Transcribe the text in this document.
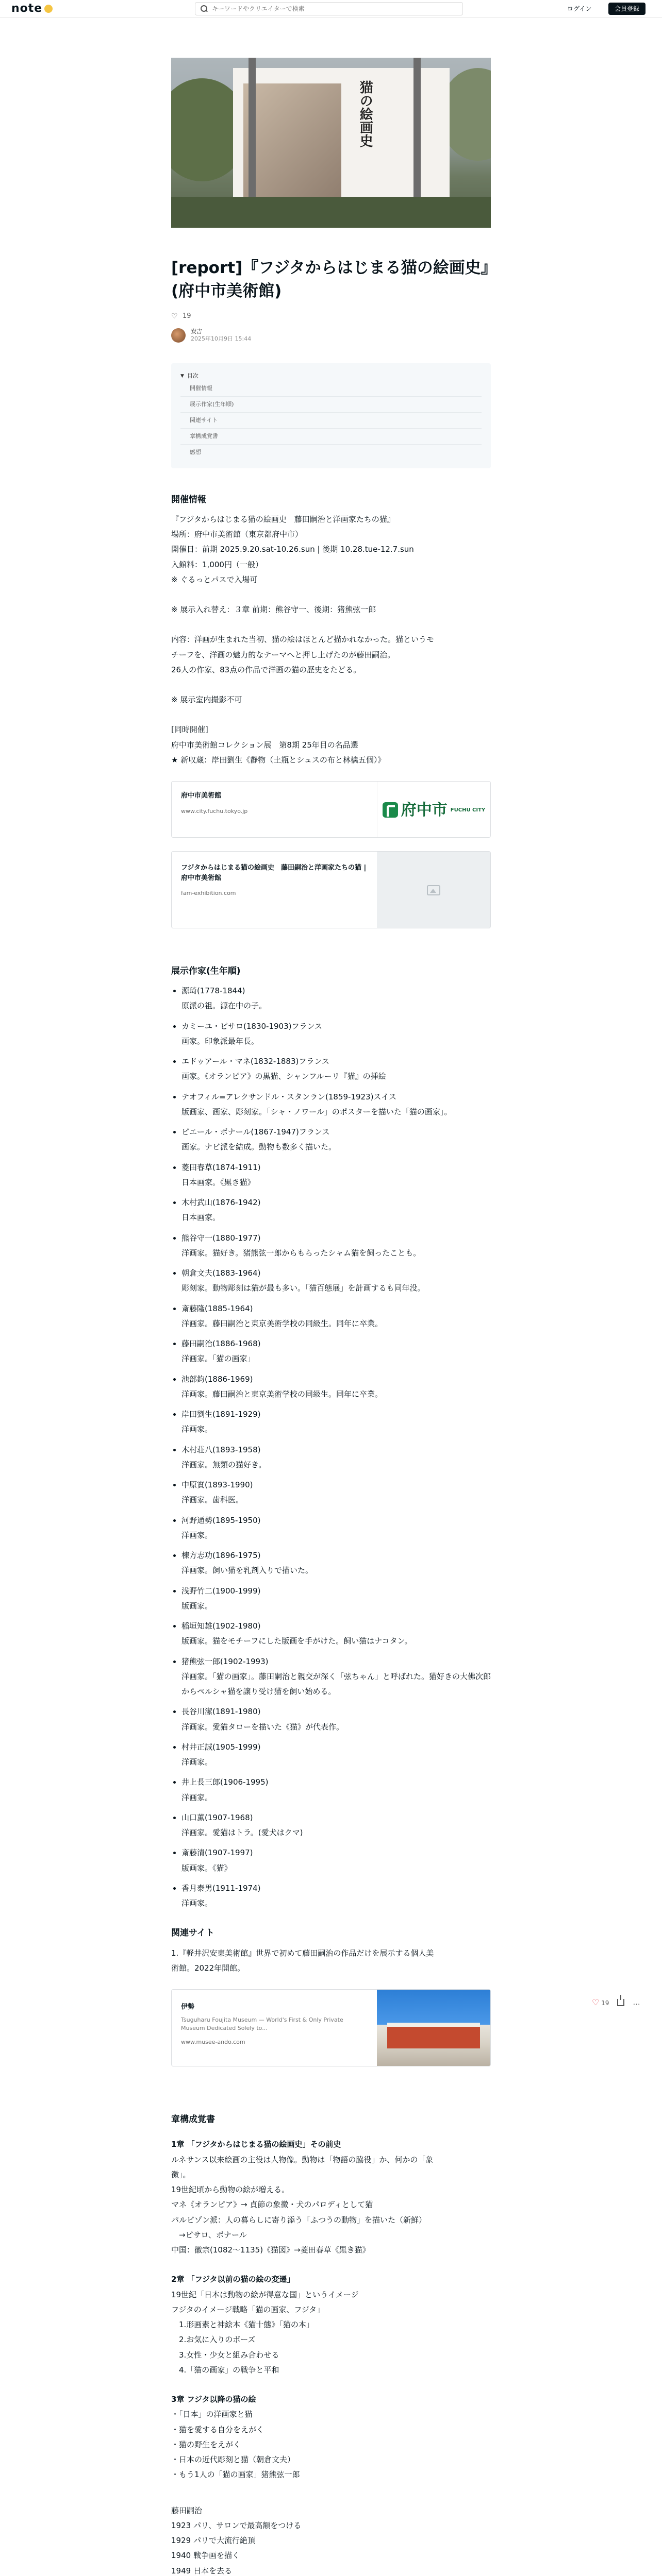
note
キーワードやクリエイターで検索	ログイン	会員登録
猫の絵画史
[report]『フジタからはじまる猫の絵画史』(府中市美術館)
♡ 19
炭吉
2025年10月9日 15:44
▼ 目次
開催情報
展示作家(生年順)
関連サイト
章構成覚書
感想
開催情報

『フジタからはじまる猫の絵画史　藤田嗣治と洋画家たちの猫』

場所：府中市美術館（東京都府中市）

開催日：前期 2025.9.20.sat-10.26.sun | 後期 10.28.tue-12.7.sun

入館料：1,000円（一般）

※ ぐるっとパスで入場可

※ 展示入れ替え：３章 前期：熊谷守一、後期：猪熊弦一郎

内容：洋画が生まれた当初、猫の絵はほとんど描かれなかった。猫というモ

チーフを、洋画の魅力的なテーマへと押し上げたのが藤田嗣治。

26人の作家、83点の作品で洋画の猫の歴史をたどる。

※ 展示室内撮影不可

[同時開催]

府中市美術館コレクション展　第8期 25年目の名品選

★ 新収蔵：岸田劉生《静物（土瓶とシュスの布と林檎五個）》

府中市美術館
www.city.fuchu.tokyo.jp	府中市 FUCHU CITY
フジタからはじまる猫の絵画史　藤田嗣治と洋画家たちの猫 | 府中市美術館
fam-exhibition.com
展示作家(生年順)
源琦(1778-1844)
原派の祖。源在中の子。
カミーユ・ピサロ(1830-1903)フランス
画家。印象派最年長。
エドゥアール・マネ(1832-1883)フランス
画家。《オランピア》の黒猫、シャンフルーリ『猫』の挿絵
テオフィル=アレクサンドル・スタンラン(1859-1923)スイス
版画家、画家、彫刻家。「シャ・ノワール」のポスターを描いた「猫の画家」。
ピエール・ボナール(1867-1947)フランス
画家。ナビ派を結成。動物も数多く描いた。
菱田春草(1874-1911)
日本画家。《黒き猫》
木村武山(1876-1942)
日本画家。
熊谷守一(1880-1977)
洋画家。猫好き。猪熊弦一郎からもらったシャム猫を飼ったことも。
朝倉文夫(1883-1964)
彫刻家。動物彫刻は猫が最も多い。「猫百態展」を計画するも同年没。
斎藤隆(1885-1964)
洋画家。藤田嗣治と東京美術学校の同級生。同年に卒業。
藤田嗣治(1886-1968)
洋画家。「猫の画家」
池部鈞(1886-1969)
洋画家。藤田嗣治と東京美術学校の同級生。同年に卒業。
岸田劉生(1891-1929)
洋画家。
木村荘八(1893-1958)
洋画家。無類の猫好き。
中原實(1893-1990)
洋画家。歯科医。
河野通勢(1895-1950)
洋画家。
棟方志功(1896-1975)
洋画家。飼い猫を乳剤入りで描いた。
浅野竹二(1900-1999)
版画家。
稲垣知雄(1902-1980)
版画家。猫をモチーフにした版画を手がけた。飼い猫はナコタン。
猪熊弦一郎(1902-1993)
洋画家。「猫の画家」。藤田嗣治と親交が深く「弦ちゃん」と呼ばれた。猫好きの大佛次郎からペルシャ猫を譲り受け猫を飼い始める。
長谷川潔(1891-1980)
洋画家。愛猫タローを描いた《猫》が代表作。
村井正誠(1905-1999)
洋画家。
井上長三郎(1906-1995)
洋画家。
山口薫(1907-1968)
洋画家。愛猫はトラ。(愛犬はクマ)
斎藤清(1907-1997)
版画家。《猫》
香月泰男(1911-1974)
洋画家。
関連サイト

1.『軽井沢安東美術館』世界で初めて藤田嗣治の作品だけを展示する個人美

術館。2022年開館。

伊勢
Tsuguharu Foujita Museum — World's First & Only Private Museum Dedicated Solely to...
www.musee-ando.com
章構成覚書
1章 「フジタからはじまる猫の絵画史」その前史

ルネサンス以来絵画の主役は人物像。動物は「物語の脇役」か、何かの「象

徴」。

19世紀頃から動物の絵が増える。

マネ《オランピア》→ 貞節の象徴・犬のパロディとして猫

パルビゾン派：人の暮らしに寄り添う「ふつうの動物」を描いた（新鮮）

　→ピサロ、ボナール

中国：徽宗(1082〜1135)《猫図》→菱田春草《黒き猫》

2章 「フジタ以前の猫の絵の変遷」

19世紀「日本は動物の絵が得意な国」というイメージ

フジタのイメージ戦略「猫の画家、フジタ」

　1.形画素と神絵本《猫十態》「猫の本」

　2.お気に入りのポーズ

　3.女性・少女と組み合わせる

　4.「猫の画家」の戦争と平和

3章 フジタ以降の猫の絵

・「日本」の洋画家と猫

・猫を愛する自分をえがく

・猫の野生をえがく

・日本の近代彫刻と猫（朝倉文夫）

・もう1人の「猫の画家」猪熊弦一郎

藤田嗣治

1923 パリ、サロンで最高額をつける

1929 パリで大流行絶頂

1940 戦争画を描く

1949 日本を去る

♡ 19	…
